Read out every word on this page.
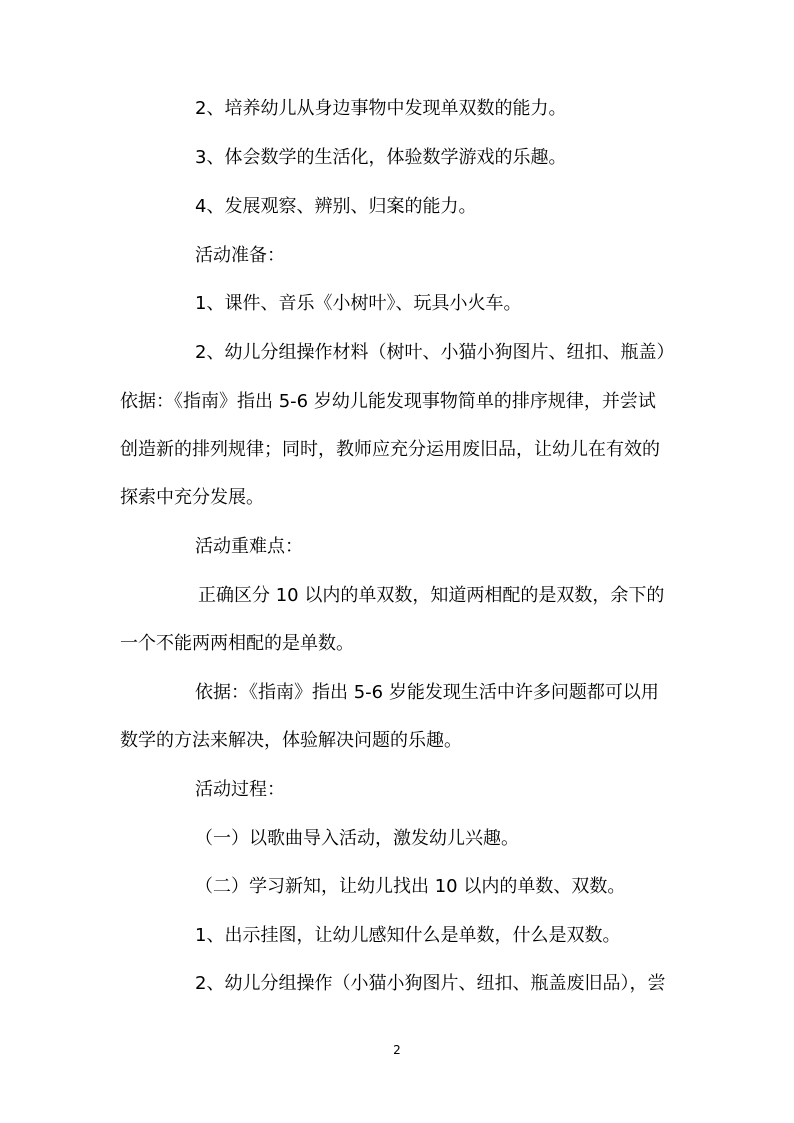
2、培养幼儿从身边事物中发现单双数的能力。
3、体会数学的生活化，体验数学游戏的乐趣。
4、发展观察、辨别、归案的能力。
活动准备：
1、课件、音乐《小树叶》、玩具小火车。
2、幼儿分组操作材料（树叶、小猫小狗图片、纽扣、瓶盖）
依据：《指南》指出 5-6 岁幼儿能发现事物简单的排序规律，并尝试
创造新的排列规律；同时，教师应充分运用废旧品，让幼儿在有效的
探索中充分发展。
活动重难点：
正确区分 10 以内的单双数，知道两相配的是双数，余下的
一个不能两两相配的是单数。
依据：《指南》指出 5-6 岁能发现生活中许多问题都可以用
数学的方法来解决，体验解决问题的乐趣。
活动过程：
（一）以歌曲导入活动，激发幼儿兴趣。
（二）学习新知，让幼儿找出 10 以内的单数、双数。
1、出示挂图，让幼儿感知什么是单数，什么是双数。
2、幼儿分组操作（小猫小狗图片、纽扣、瓶盖废旧品），尝
2
